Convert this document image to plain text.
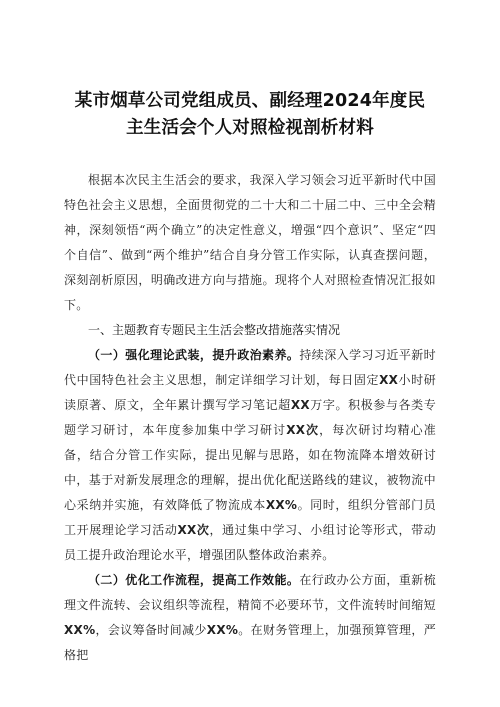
某市烟草公司党组成员、副经理2024年度民
主生活会个人对照检视剖析材料

根据本次民主生活会的要求，我深入学习领会习近平新时代中国特色社会主义思想，全面贯彻党的二十大和二十届二中、三中全会精神，深刻领悟“两个确立”的决定性意义，增强“四个意识”、坚定“四个自信”、做到“两个维护”结合自身分管工作实际，认真查摆问题，深刻剖析原因，明确改进方向与措施。现将个人对照检查情况汇报如下。

一、主题教育专题民主生活会整改措施落实情况

（一）强化理论武装，提升政治素养。持续深入学习习近平新时代中国特色社会主义思想，制定详细学习计划，每日固定XX小时研读原著、原文，全年累计撰写学习笔记超XX万字。积极参与各类专题学习研讨，本年度参加集中学习研讨XX次，每次研讨均精心准备，结合分管工作实际，提出见解与思路，如在物流降本增效研讨中，基于对新发展理念的理解，提出优化配送路线的建议，被物流中心采纳并实施，有效降低了物流成本XX%。同时，组织分管部门员工开展理论学习活动XX次，通过集中学习、小组讨论等形式，带动员工提升政治理论水平，增强团队整体政治素养。

（二）优化工作流程，提高工作效能。在行政办公方面，重新梳理文件流转、会议组织等流程，精简不必要环节，文件流转时间缩短XX%，会议筹备时间减少XX%。在财务管理上，加强预算管理，严格把
